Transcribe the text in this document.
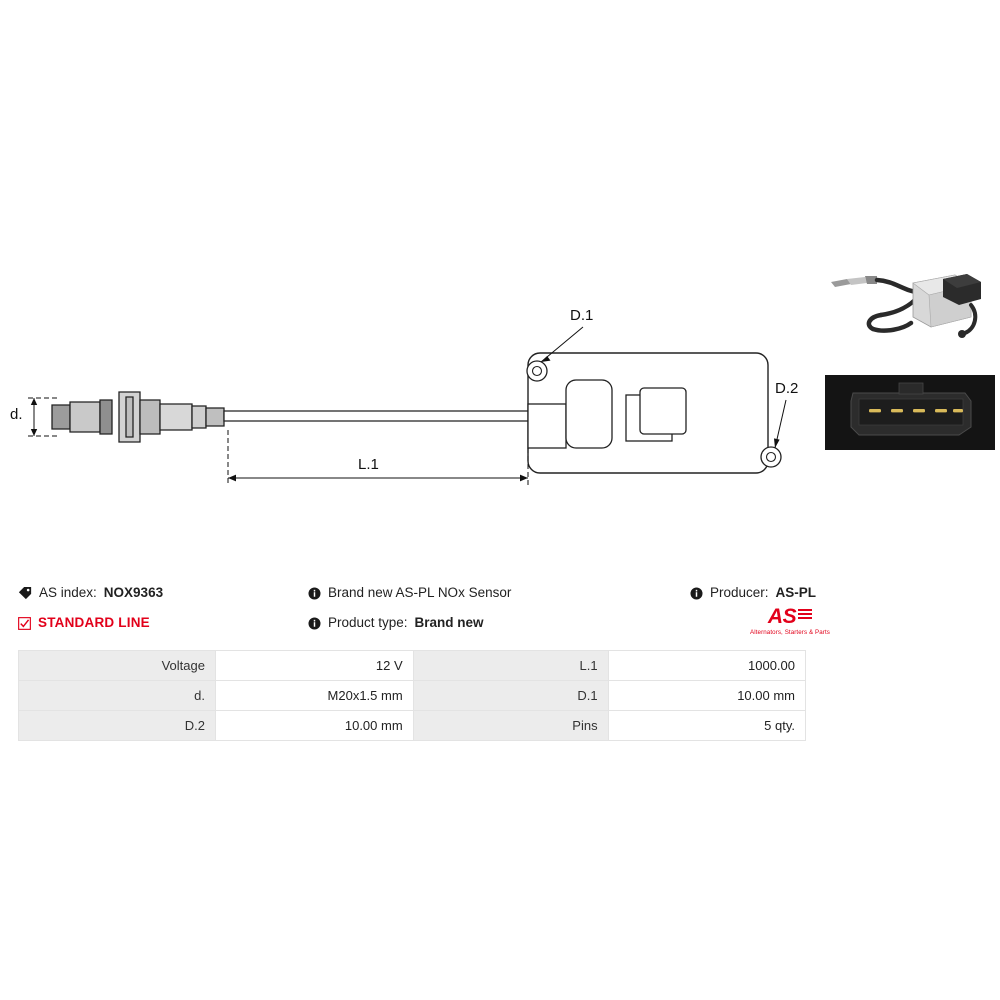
d.
L.1
D.1
D.2
AS index: NOX9363
STANDARD LINE
Brand new AS-PL NOx Sensor
Product type: Brand new
Producer: AS-PL
AS
Alternators, Starters & Parts
Voltage	12 V	L.1	1000.00
d.	M20x1.5 mm	D.1	10.00 mm
D.2	10.00 mm	Pins	5 qty.
